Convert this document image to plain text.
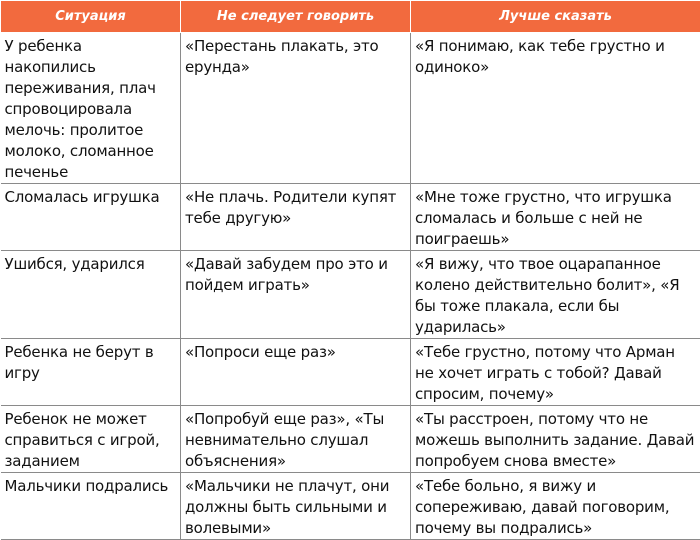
Ситуация	Не следует говорить	Лучше сказать
У ребенка накопились переживания, плач спровоцировала мелочь: пролитое молоко, сломанное печенье	«Перестань плакать, это ерунда»	«Я понимаю, как тебе грустно и одиноко»
Сломалась игрушка	«Не плачь. Родители купят тебе другую»	«Мне тоже грустно, что игрушка сломалась и больше с ней не поиграешь»
Ушибся, ударился	«Давай забудем про это и пойдем играть»	«Я вижу, что твое оцарапанное колено действительно болит», «Я бы тоже плакала, если бы ударилась»
Ребенка не берут в игру	«Попроси еще раз»	«Тебе грустно, потому что Арман не хочет играть с тобой? Давай спросим, почему»
Ребенок не может справиться с игрой, заданием	«Попробуй еще раз», «Ты невнимательно слушал объяснения»	«Ты расстроен, потому что не можешь выполнить задание. Давай попробуем снова вместе»
Мальчики подрались	«Мальчики не плачут, они должны быть сильными и волевыми»	«Тебе больно, я вижу и сопереживаю, давай поговорим, почему вы подрались»
